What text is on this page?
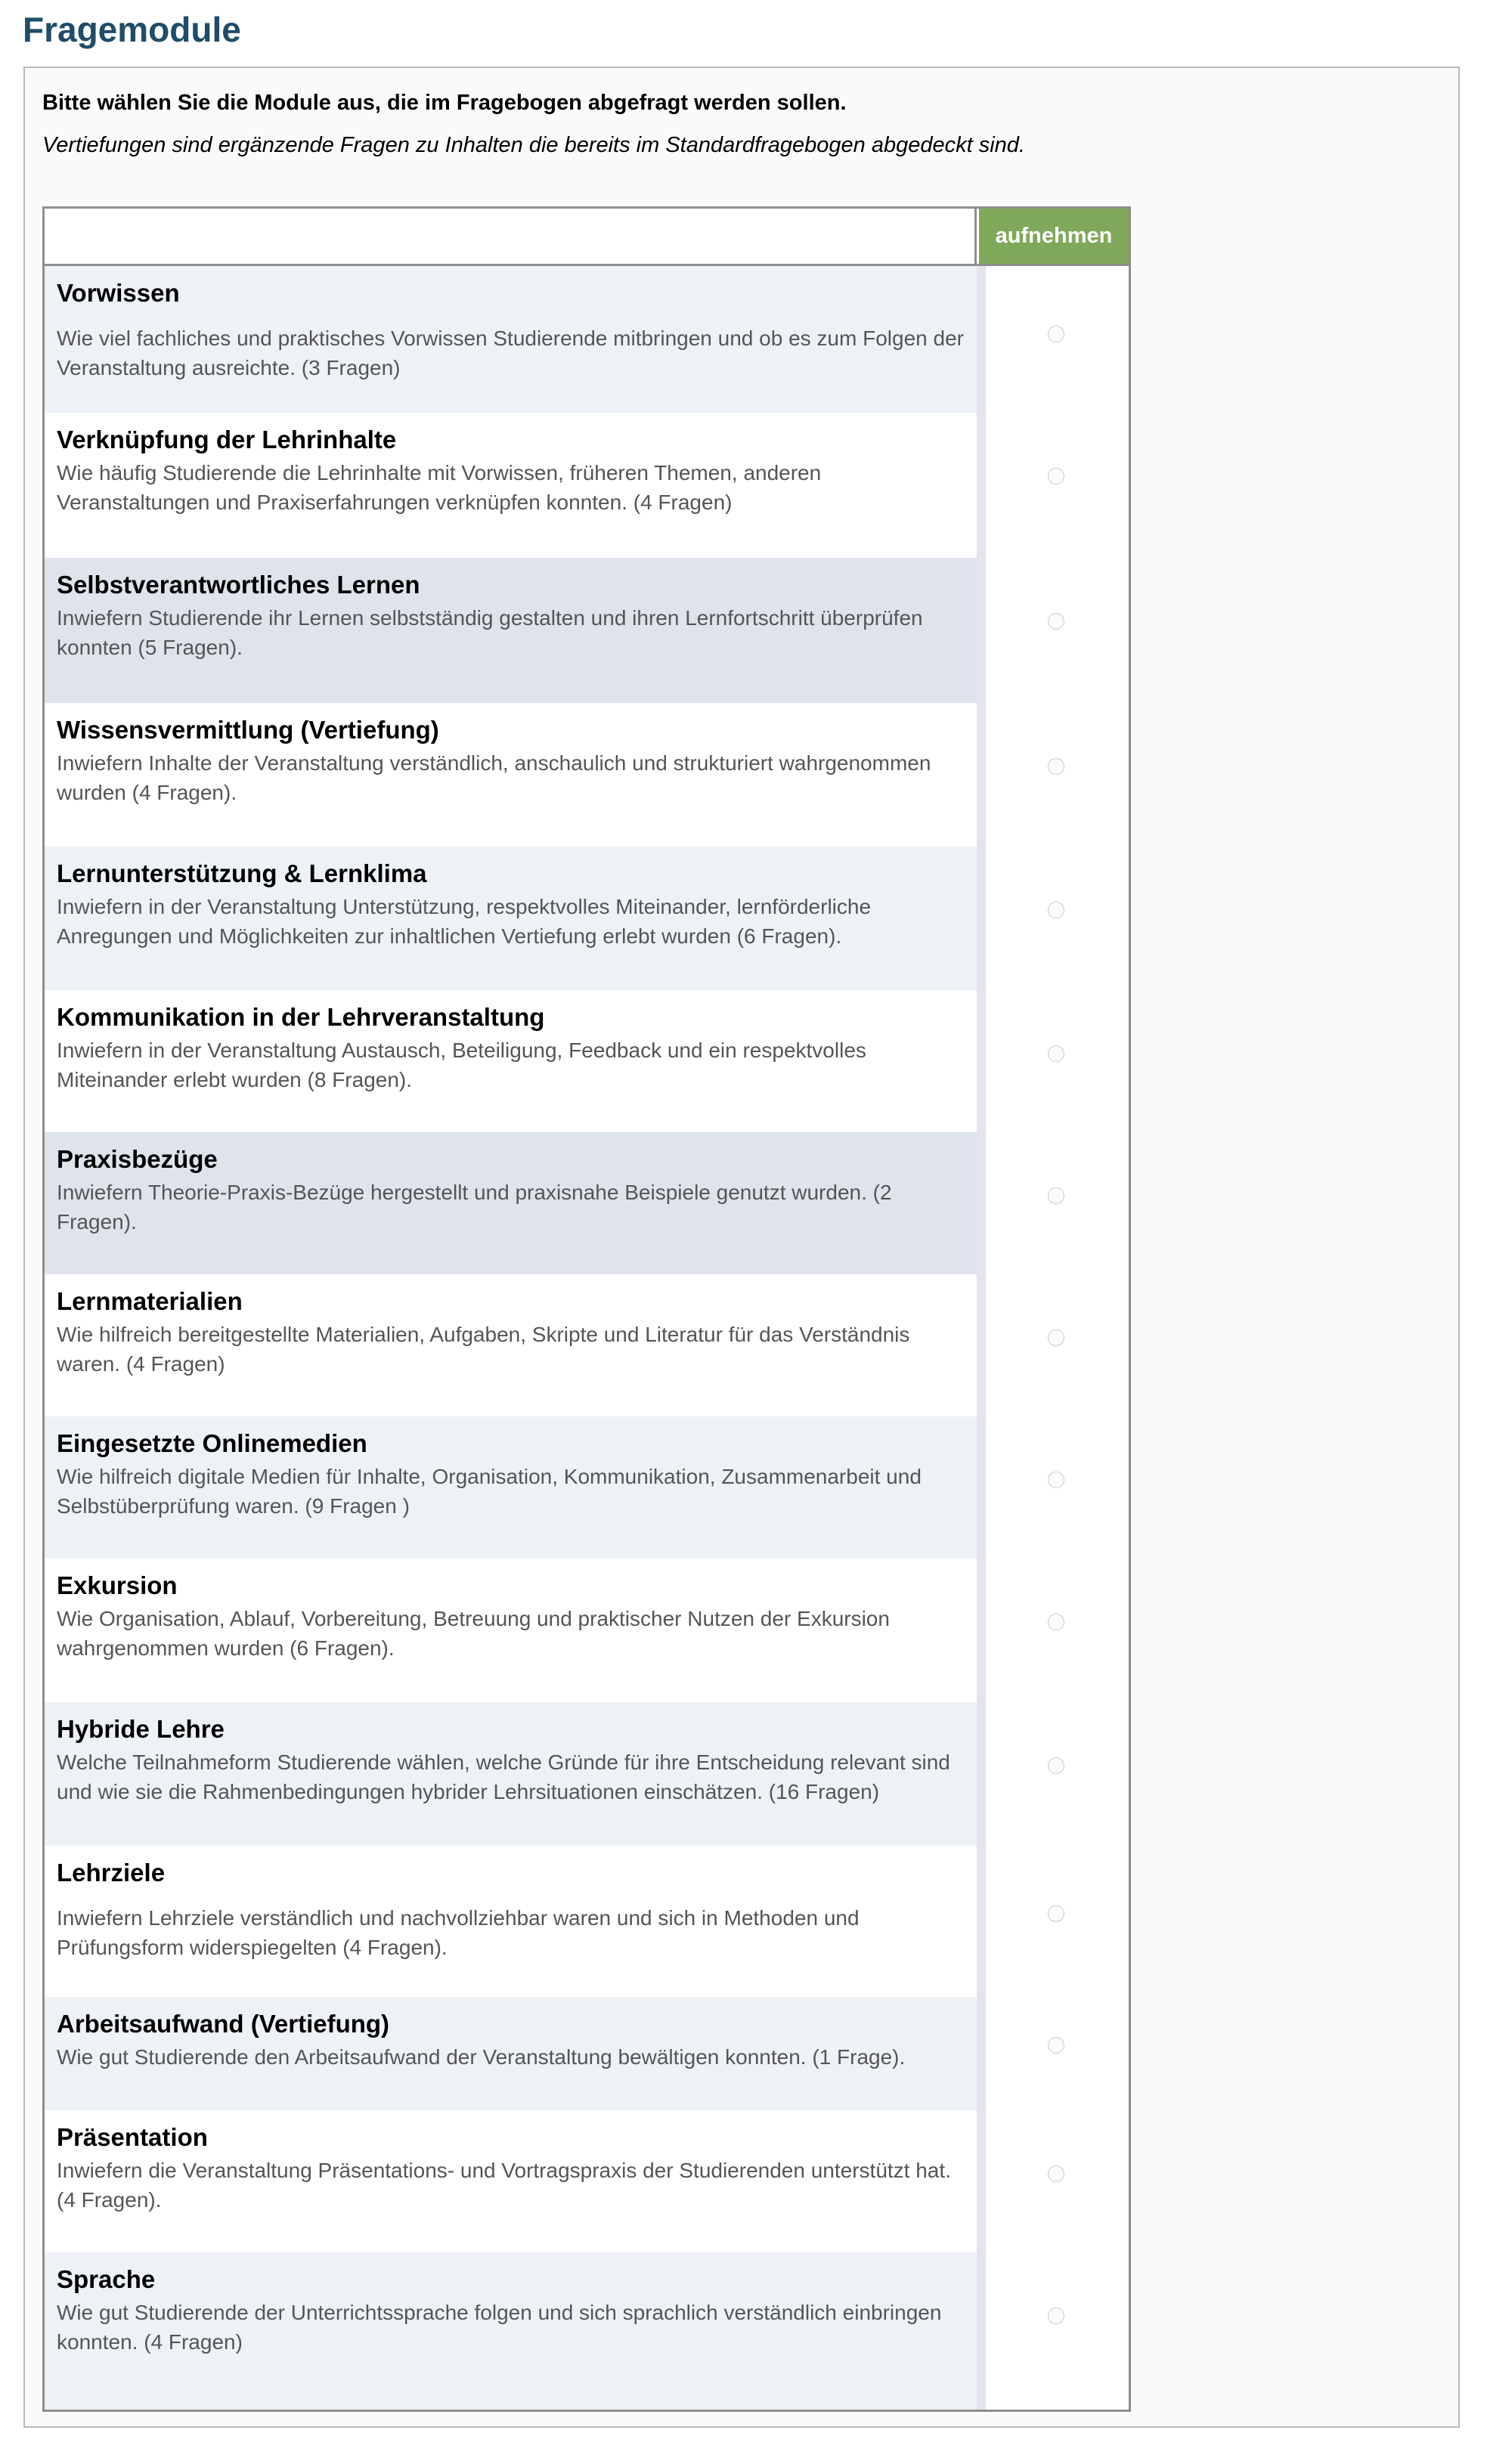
Fragemodule
Bitte wählen Sie die Module aus, die im Fragebogen abgefragt werden sollen.
Vertiefungen sind ergänzende Fragen zu Inhalten die bereits im Standardfragebogen abgedeckt sind.
aufnehmen
Vorwissen
Wie viel fachliches und praktisches Vorwissen Studierende mitbringen und ob es zum Folgen der Veranstaltung ausreichte. (3 Fragen)
Verknüpfung der Lehrinhalte
Wie häufig Studierende die Lehrinhalte mit Vorwissen, früheren Themen, anderen Veranstaltungen und Praxiserfahrungen verknüpfen konnten. (4 Fragen)
Selbstverantwortliches Lernen
Inwiefern Studierende ihr Lernen selbstständig gestalten und ihren Lernfortschritt überprüfen konnten (5 Fragen).
Wissensvermittlung (Vertiefung)
Inwiefern Inhalte der Veranstaltung verständlich, anschaulich und strukturiert wahrgenommen wurden (4 Fragen).
Lernunterstützung & Lernklima
Inwiefern in der Veranstaltung Unterstützung, respektvolles Miteinander, lernförderliche Anregungen und Möglichkeiten zur inhaltlichen Vertiefung erlebt wurden (6 Fragen).
Kommunikation in der Lehrveranstaltung
Inwiefern in der Veranstaltung Austausch, Beteiligung, Feedback und ein respektvolles Miteinander erlebt wurden (8 Fragen).
Praxisbezüge
Inwiefern Theorie-Praxis-Bezüge hergestellt und praxisnahe Beispiele genutzt wurden. (2 Fragen).
Lernmaterialien
Wie hilfreich bereitgestellte Materialien, Aufgaben, Skripte und Literatur für das Verständnis waren. (4 Fragen)
Eingesetzte Onlinemedien
Wie hilfreich digitale Medien für Inhalte, Organisation, Kommunikation, Zusammenarbeit und Selbstüberprüfung waren. (9 Fragen )
Exkursion
Wie Organisation, Ablauf, Vorbereitung, Betreuung und praktischer Nutzen der Exkursion wahrgenommen wurden (6 Fragen).
Hybride Lehre
Welche Teilnahmeform Studierende wählen, welche Gründe für ihre Entscheidung relevant sind und wie sie die Rahmenbedingungen hybrider Lehrsituationen einschätzen. (16 Fragen)
Lehrziele
Inwiefern Lehrziele verständlich und nachvollziehbar waren und sich in Methoden und Prüfungsform widerspiegelten (4 Fragen).
Arbeitsaufwand (Vertiefung)
Wie gut Studierende den Arbeitsaufwand der Veranstaltung bewältigen konnten. (1 Frage).
Präsentation
Inwiefern die Veranstaltung Präsentations- und Vortragspraxis der Studierenden unterstützt hat. (4 Fragen).
Sprache
Wie gut Studierende der Unterrichtssprache folgen und sich sprachlich verständlich einbringen konnten. (4 Fragen)
